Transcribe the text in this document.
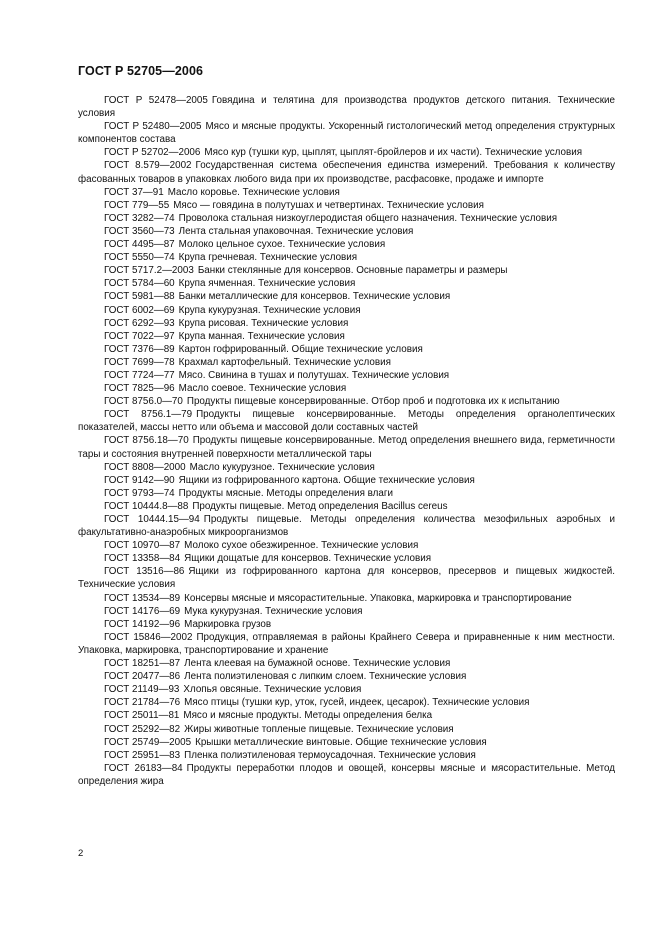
ГОСТ Р 52705—2006

ГОСТ Р 52478—2005 Говядина и телятина для производства продуктов детского питания. Технические условия

ГОСТ Р 52480—2005 Мясо и мясные продукты. Ускоренный гистологический метод определения структурных компонентов состава

ГОСТ Р 52702—2006 Мясо кур (тушки кур, цыплят, цыплят-бройлеров и их части). Технические условия

ГОСТ 8.579—2002 Государственная система обеспечения единства измерений. Требования к количеству фасованных товаров в упаковках любого вида при их производстве, расфасовке, продаже и импорте

ГОСТ 37—91 Масло коровье. Технические условия

ГОСТ 779—55 Мясо — говядина в полутушах и четвертинах. Технические условия

ГОСТ 3282—74 Проволока стальная низкоуглеродистая общего назначения. Технические условия

ГОСТ 3560—73 Лента стальная упаковочная. Технические условия

ГОСТ 4495—87 Молоко цельное сухое. Технические условия

ГОСТ 5550—74 Крупа гречневая. Технические условия

ГОСТ 5717.2—2003 Банки стеклянные для консервов. Основные параметры и размеры

ГОСТ 5784—60 Крупа ячменная. Технические условия

ГОСТ 5981—88 Банки металлические для консервов. Технические условия

ГОСТ 6002—69 Крупа кукурузная. Технические условия

ГОСТ 6292—93 Крупа рисовая. Технические условия

ГОСТ 7022—97 Крупа манная. Технические условия

ГОСТ 7376—89 Картон гофрированный. Общие технические условия

ГОСТ 7699—78 Крахмал картофельный. Технические условия

ГОСТ 7724—77 Мясо. Свинина в тушах и полутушах. Технические условия

ГОСТ 7825—96 Масло соевое. Технические условия

ГОСТ 8756.0—70 Продукты пищевые консервированные. Отбор проб и подготовка их к испытанию

ГОСТ 8756.1—79 Продукты пищевые консервированные. Методы определения органолептических показателей, массы нетто или объема и массовой доли составных частей

ГОСТ 8756.18—70 Продукты пищевые консервированные. Метод определения внешнего вида, герметичности тары и состояния внутренней поверхности металлической тары

ГОСТ 8808—2000 Масло кукурузное. Технические условия

ГОСТ 9142—90 Ящики из гофрированного картона. Общие технические условия

ГОСТ 9793—74 Продукты мясные. Методы определения влаги

ГОСТ 10444.8—88 Продукты пищевые. Метод определения Bacillus cereus

ГОСТ 10444.15—94 Продукты пищевые. Методы определения количества мезофильных аэробных и факультативно-анаэробных микроорганизмов

ГОСТ 10970—87 Молоко сухое обезжиренное. Технические условия

ГОСТ 13358—84 Ящики дощатые для консервов. Технические условия

ГОСТ 13516—86 Ящики из гофрированного картона для консервов, пресервов и пищевых жидкостей. Технические условия

ГОСТ 13534—89 Консервы мясные и мясорастительные. Упаковка, маркировка и транспортирование

ГОСТ 14176—69 Мука кукурузная. Технические условия

ГОСТ 14192—96 Маркировка грузов

ГОСТ 15846—2002 Продукция, отправляемая в районы Крайнего Севера и приравненные к ним местности. Упаковка, маркировка, транспортирование и хранение

ГОСТ 18251—87 Лента клеевая на бумажной основе. Технические условия

ГОСТ 20477—86 Лента полиэтиленовая с липким слоем. Технические условия

ГОСТ 21149—93 Хлопья овсяные. Технические условия

ГОСТ 21784—76 Мясо птицы (тушки кур, уток, гусей, индеек, цесарок). Технические условия

ГОСТ 25011—81 Мясо и мясные продукты. Методы определения белка

ГОСТ 25292—82 Жиры животные топленые пищевые. Технические условия

ГОСТ 25749—2005 Крышки металлические винтовые. Общие технические условия

ГОСТ 25951—83 Пленка полиэтиленовая термоусадочная. Технические условия

ГОСТ 26183—84 Продукты переработки плодов и овощей, консервы мясные и мясорастительные. Метод определения жира

2
